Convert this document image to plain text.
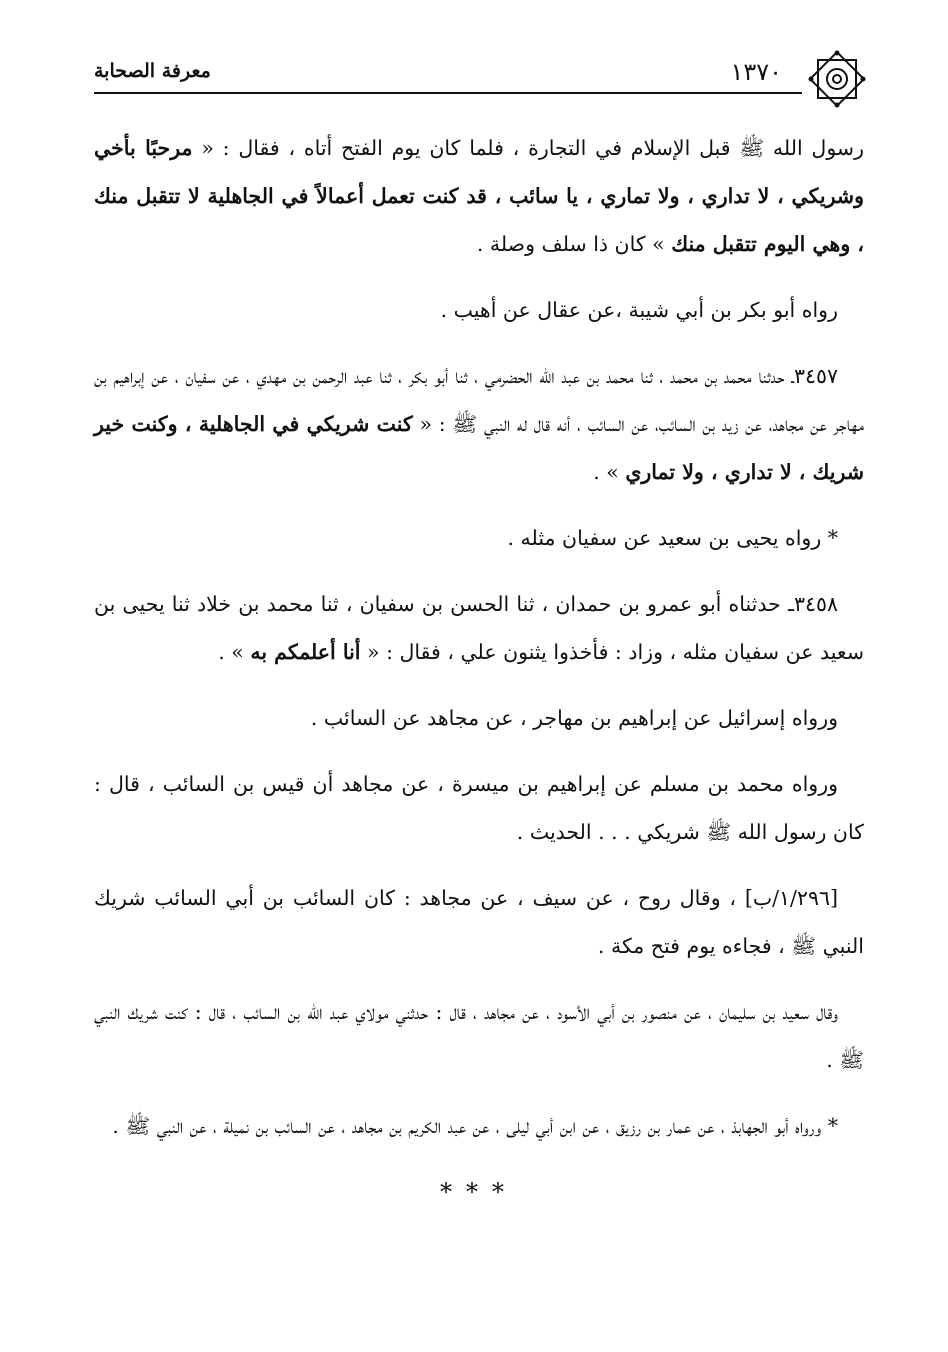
معرفة الصحابة	١٣٧٠

رسول الله ﷺ قبل الإسلام في التجارة ، فلما كان يوم الفتح أتاه ، فقال : « مرحبًا بأخي وشريكي ، لا تداري ، ولا تماري ، يا سائب ، قد كنت تعمل أعمالاً في الجاهلية لا تتقبل منك ، وهي اليوم تتقبل منك » كان ذا سلف وصلة .

رواه أبو بكر بن أبي شيبة ،عن عقال عن أهيب .

٣٤٥٧ـ حدثنا محمد بن محمد ، ثنا محمد بن عبد الله الحضرمي ، ثنا أبو بكر ، ثنا عبد الرحمن بن مهدي ، عن سفيان ، عن إبراهيم بن مهاجر عن مجاهد، عن زيد بن السائب، عن السائب ، أنه قال له النبي ﷺ : « كنت شريكي في الجاهلية ، وكنت خير شريك ، لا تداري ، ولا تماري » .

* رواه يحيى بن سعيد عن سفيان مثله .

٣٤٥٨ـ حدثناه أبو عمرو بن حمدان ، ثنا الحسن بن سفيان ، ثنا محمد بن خلاد ثنا يحيى بن سعيد عن سفيان مثله ، وزاد : فأخذوا يثنون علي ، فقال : « أنا أعلمكم به » .

ورواه إسرائيل عن إبراهيم بن مهاجر ، عن مجاهد عن السائب .

ورواه محمد بن مسلم عن إبراهيم بن ميسرة ، عن مجاهد أن قيس بن السائب ، قال : كان رسول الله ﷺ شريكي . . . الحديث .

[١/٢٩٦/ب] ، وقال روح ، عن سيف ، عن مجاهد : كان السائب بن أبي السائب شريك النبي ﷺ ، فجاءه يوم فتح مكة .

وقال سعيد بن سليمان ، عن منصور بن أبي الأسود ، عن مجاهد ، قال : حدثني مولاي عبد الله بن السائب ، قال : كنت شريك النبي ﷺ .

* ورواه أبو الجهابذ ، عن عمار بن رزيق ، عن ابن أبي ليلى ، عن عبد الكريم بن مجاهد ، عن السائب بن نميلة ، عن النبي ﷺ .

***
